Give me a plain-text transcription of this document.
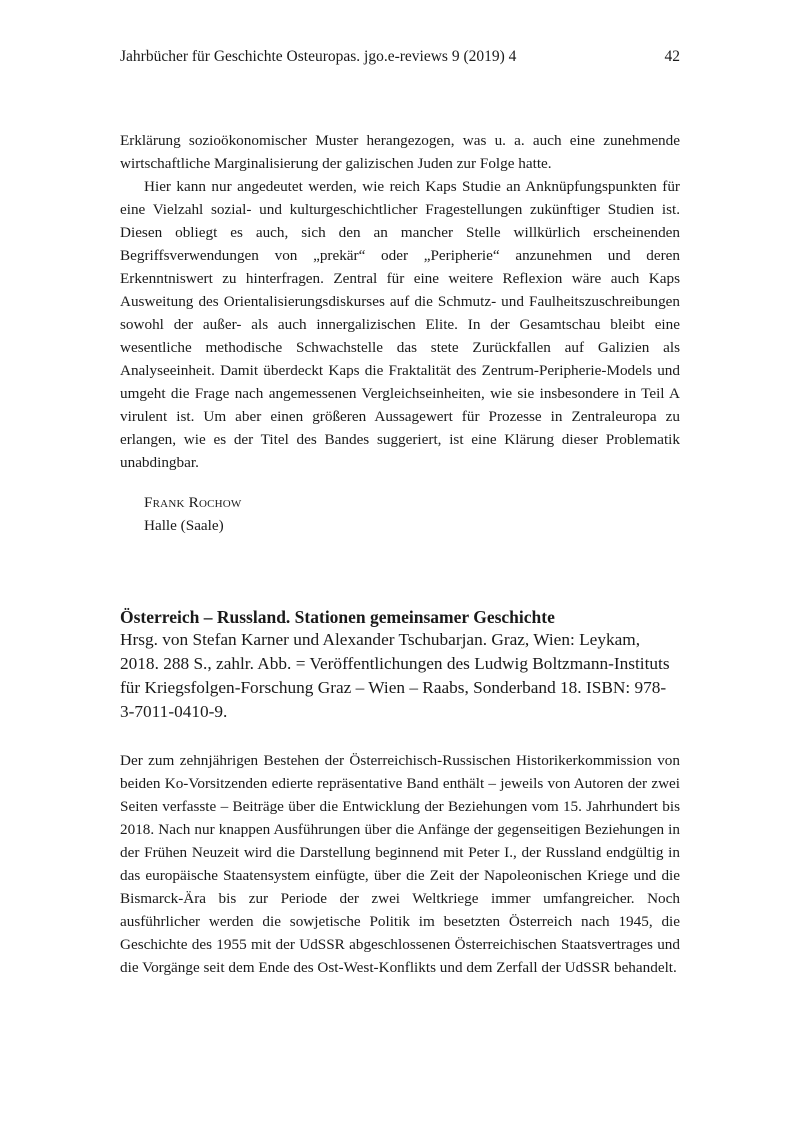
Jahrbücher für Geschichte Osteuropas. jgo.e-reviews 9 (2019) 4	42

Erklärung sozioökonomischer Muster herangezogen, was u. a. auch eine zunehmende wirtschaftliche Marginalisierung der galizischen Juden zur Folge hatte.

Hier kann nur angedeutet werden, wie reich Kaps Studie an Anknüpfungspunkten für eine Vielzahl sozial- und kulturgeschichtlicher Fragestellungen zukünftiger Studien ist. Diesen obliegt es auch, sich den an mancher Stelle willkürlich erscheinenden Begriffsverwendungen von „prekär“ oder „Peripherie“ anzunehmen und deren Erkenntniswert zu hinterfragen. Zentral für eine weitere Reflexion wäre auch Kaps Ausweitung des Orientalisierungsdiskurses auf die Schmutz- und Faulheitszuschreibungen sowohl der außer- als auch innergalizischen Elite. In der Gesamtschau bleibt eine wesentliche methodische Schwachstelle das stete Zurückfallen auf Galizien als Analyseeinheit. Damit überdeckt Kaps die Fraktalität des Zentrum-Peripherie-Models und umgeht die Frage nach angemessenen Vergleichseinheiten, wie sie insbesondere in Teil A virulent ist. Um aber einen größeren Aussagewert für Prozesse in Zentraleuropa zu erlangen, wie es der Titel des Bandes suggeriert, ist eine Klärung dieser Problematik unabdingbar.

Frank Rochow
Halle (Saale)
Österreich – Russland. Stationen gemeinsamer Geschichte

Hrsg. von Stefan Karner und Alexander Tschubarjan. Graz, Wien: Leykam, 2018. 288 S., zahlr. Abb. = Veröffentlichungen des Ludwig Boltzmann-Instituts für Kriegsfolgen-Forschung Graz – Wien – Raabs, Sonderband 18. ISBN: 978-3-7011-0410-9.

Der zum zehnjährigen Bestehen der Österreichisch-Russischen Historikerkommission von beiden Ko-Vorsitzenden edierte repräsentative Band enthält – jeweils von Autoren der zwei Seiten verfasste – Beiträge über die Entwicklung der Beziehungen vom 15. Jahrhundert bis 2018. Nach nur knappen Ausführungen über die Anfänge der gegenseitigen Beziehungen in der Frühen Neuzeit wird die Darstellung beginnend mit Peter I., der Russland endgültig in das europäische Staatensystem einfügte, über die Zeit der Napoleonischen Kriege und die Bismarck-Ära bis zur Periode der zwei Weltkriege immer umfangreicher. Noch ausführlicher werden die sowjetische Politik im besetzten Österreich nach 1945, die Geschichte des 1955 mit der UdSSR abgeschlossenen Österreichischen Staatsvertrages und die Vorgänge seit dem Ende des Ost-West-Konflikts und dem Zerfall der UdSSR behandelt.
